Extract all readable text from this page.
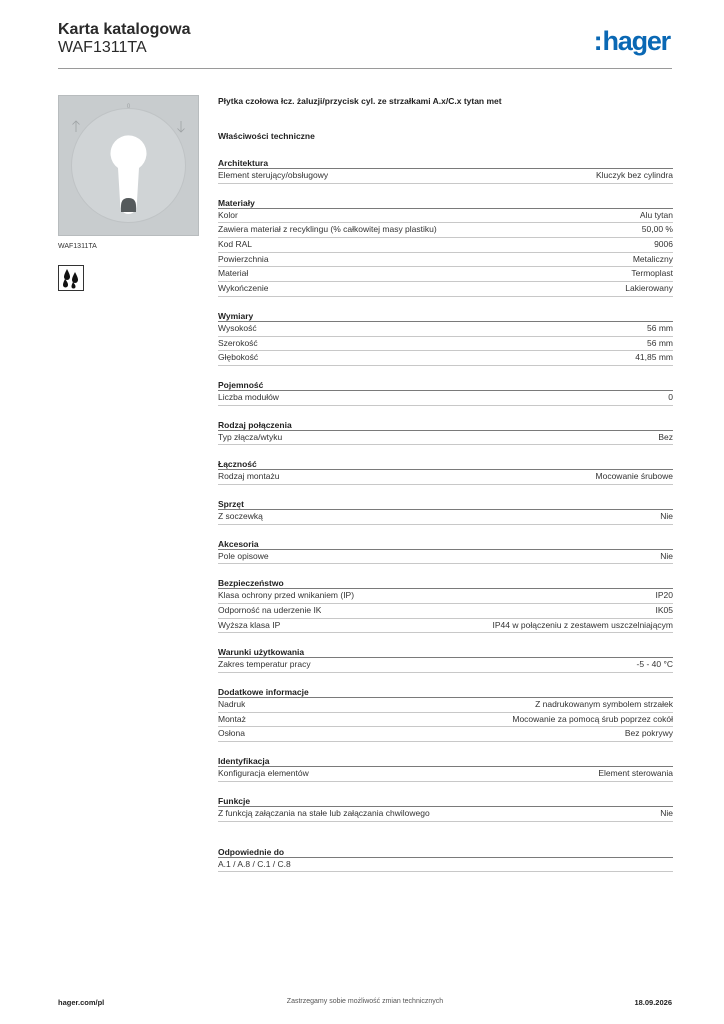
Karta katalogowa
WAF1311TA	:hager
0
WAF1311TA
Płytka czołowa łcz. żaluzji/przycisk cyl. ze strzałkami A.x/C.x tytan met
Właściwości techniczne
Architektura
Element sterujący/obsługowy	Kluczyk bez cylindra
Materiały
Kolor	Alu tytan
Zawiera materiał z recyklingu (% całkowitej masy plastiku)	50,00 %
Kod RAL	9006
Powierzchnia	Metaliczny
Materiał	Termoplast
Wykończenie	Lakierowany
Wymiary
Wysokość	56 mm
Szerokość	56 mm
Głębokość	41,85 mm
Pojemność
Liczba modułów	0
Rodzaj połączenia
Typ złącza/wtyku	Bez
Łączność
Rodzaj montażu	Mocowanie śrubowe
Sprzęt
Z soczewką	Nie
Akcesoria
Pole opisowe	Nie
Bezpieczeństwo
Klasa ochrony przed wnikaniem (IP)	IP20
Odporność na uderzenie IK	IK05
Wyższa klasa IP	IP44 w połączeniu z zestawem uszczelniającym
Warunki użytkowania
Zakres temperatur pracy	-5 - 40 °C
Dodatkowe informacje
Nadruk	Z nadrukowanym symbolem strzałek
Montaż	Mocowanie za pomocą śrub poprzez cokół
Osłona	Bez pokrywy
Identyfikacja
Konfiguracja elementów	Element sterowania
Funkcje
Z funkcją załączania na stałe lub załączania chwilowego	Nie
Odpowiednie do
A.1 / A.8 / C.1 / C.8
hager.com/pl	Zastrzegamy sobie możliwość zmian technicznych	18.09.2026
